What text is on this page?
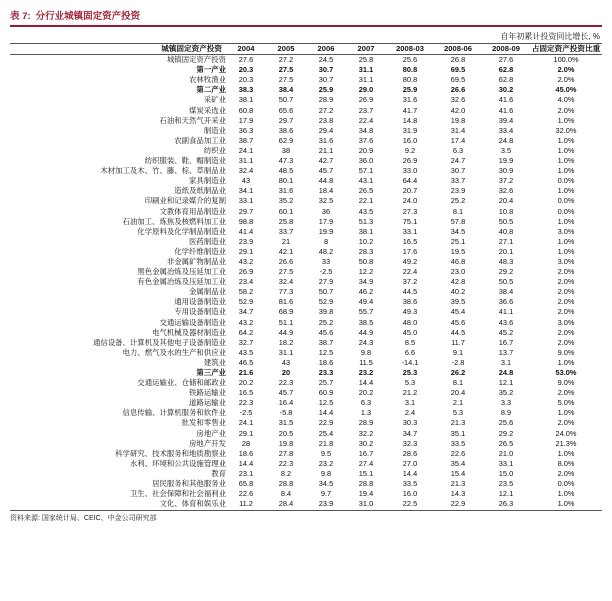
表 7: 分行业城镇固定资产投资
自年初累计投资同比增长, %
城镇固定资产投资	2004	2005	2006	2007	2008-03	2008-06	2008-09	占固定资产投资比重
城镇固定资产投资	27.6	27.2	24.5	25.8	25.6	26.8	27.6	100.0%
第一产业	20.3	27.5	30.7	31.1	80.8	69.5	62.8	2.0%
农林牧渔业	20.3	27.5	30.7	31.1	80.8	69.5	62.8	2.0%
第二产业	38.3	38.4	25.9	29.0	25.9	26.6	30.2	45.0%
采矿业	38.1	50.7	28.9	26.9	31.6	32.6	41.6	4.0%
煤炭采选业	60.8	65.6	27.2	23.7	41.7	42.0	41.6	2.0%
石油和天然气开采业	17.9	29.7	23.8	22.4	14.8	19.8	39.4	1.0%
制造业	36.3	38.6	29.4	34.8	31.9	31.4	33.4	32.0%
农副食品加工业	38.7	62.9	31.6	37.6	16.0	17.4	24.8	1.0%
纺织业	24.1	38	21.1	20.9	9.2	6.3	3.5	1.0%
纺织服装、鞋、帽制造业	31.1	47.3	42.7	36.0	26.9	24.7	19.9	1.0%
木材加工及木、竹、藤、棕、草制品业	32.4	48.5	45.7	57.1	33.0	30.7	30.9	1.0%
家具制造业	43	80.1	44.8	43.1	64.4	33.7	37.2	0.0%
造纸及纸制品业	34.1	31.6	18.4	26.5	20.7	23.9	32.6	1.0%
印刷业和记录媒介的复制	33.1	35.2	32.5	22.1	24.0	25.2	20.4	0.0%
文教体育用品制造业	29.7	60.1	36	43.5	27.3	8.1	10.8	0.0%
石油加工、炼焦及核燃料加工业	98.8	25.8	17.9	51.3	75.1	57.8	50.5	1.0%
化学原料及化学制品制造业	41.4	33.7	19.9	38.1	33.1	34.5	40.8	3.0%
医药制造业	23.9	21	8	10.2	16.5	25.1	27.1	1.0%
化学纤维制造业	29.1	42.1	48.2	28.3	17.6	19.5	20.1	1.0%
非金属矿物制品业	43.2	26.6	33	50.8	49.2	46.8	48.3	3.0%
黑色金属冶炼及压延加工业	26.9	27.5	-2.5	12.2	22.4	23.0	29.2	2.0%
有色金属冶炼及压延加工业	23.4	32.4	27.9	34.9	37.2	42.8	50.5	2.0%
金属制品业	58.2	77.3	50.7	46.2	44.5	40.2	38.4	2.0%
通用设备制造业	52.9	81.6	52.9	49.4	38.6	39.5	36.6	2.0%
专用设备制造业	34.7	68.9	39.8	55.7	49.3	45.4	41.1	2.0%
交通运输设备制造业	43.2	51.1	25.2	38.5	48.0	45.6	43.6	3.0%
电气机械及器材制造业	64.2	44.9	45.6	44.9	45.0	44.5	45.2	2.0%
通信设备、计算机及其他电子设备制造业	32.7	18.2	38.7	24.3	8.5	11.7	16.7	2.0%
电力、燃气及水的生产和供应业	43.5	31.1	12.5	9.8	6.6	9.1	13.7	9.0%
建筑业	46.5	43	18.6	11.5	-14.1	-2.8	3.1	1.0%
第三产业	21.6	20	23.3	23.2	25.3	26.2	24.8	53.0%
交通运输业、仓储和邮政业	20.2	22.3	25.7	14.4	5.3	8.1	12.1	9.0%
铁路运输业	16.5	45.7	60.9	20.2	21.2	20.4	35.2	2.0%
道路运输业	22.3	16.4	12.5	6.3	3.1	2.1	3.3	5.0%
信息传输、计算机服务和软件业	-2.5	-5.8	14.4	1.3	2.4	5.3	8.9	1.0%
批发和零售业	24.1	31.5	22.9	28.9	30.3	21.3	25.6	2.0%
房地产业	29.1	20.5	25.4	32.2	34.7	35.1	29.2	24.0%
房地产开发	28	19.8	21.8	30.2	32.3	33.5	26.5	21.3%
科学研究、技术服务和地质勘察业	18.6	27.8	9.5	16.7	28.6	22.6	21.0	1.0%
水利、环境和公共设施管理业	14.4	22.3	23.2	27.4	27.0	35.4	33.1	8.0%
教育	23.1	8.2	9.8	15.1	14.4	15.4	15.0	2.0%
居民服务和其他服务业	65.8	28.8	34.5	28.8	33.5	21.3	23.5	0.0%
卫生、社会保障和社会福利业	22.6	8.4	9.7	19.4	16.0	14.3	12.1	1.0%
文化、体育和娱乐业	11.2	28.4	23.9	31.0	22.5	22.9	26.3	1.0%
资料来源: 国家统计局、CEIC、中金公司研究部
